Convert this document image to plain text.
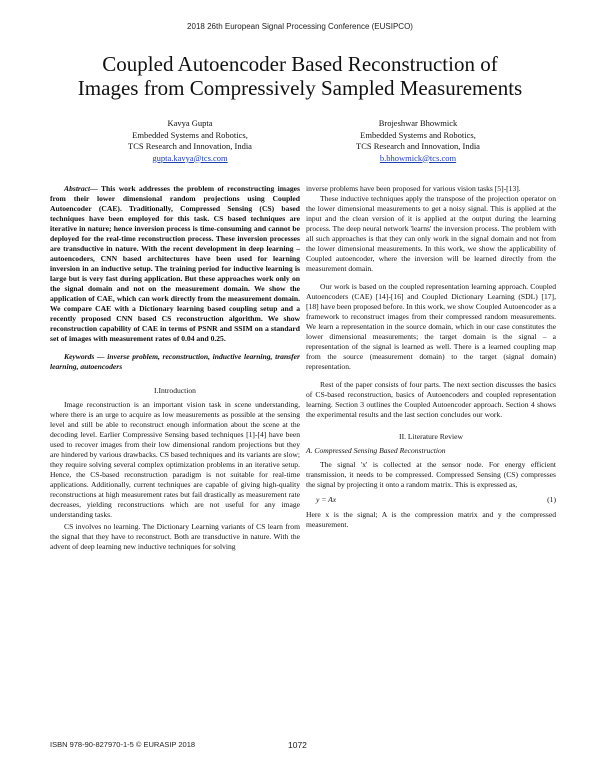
2018 26th European Signal Processing Conference (EUSIPCO)
Coupled Autoencoder Based Reconstruction of
Images from Compressively Sampled Measurements
Kavya Gupta
Embedded Systems and Robotics,
TCS Research and Innovation, India
gupta.kavya@tcs.com
Brojeshwar Bhowmick
Embedded Systems and Robotics,
TCS Research and Innovation, India
b.bhowmick@tcs.com

Abstract— This work addresses the problem of reconstructing images from their lower dimensional random projections using Coupled Autoencoder (CAE). Traditionally, Compressed Sensing (CS) based techniques have been employed for this task. CS based techniques are iterative in nature; hence inversion process is time-consuming and cannot be deployed for the real-time reconstruction process. These inversion processes are transductive in nature. With the recent development in deep learning – autoencoders, CNN based architectures have been used for learning inversion in an inductive setup. The training period for inductive learning is large but is very fast during application. But these approaches work only on the signal domain and not on the measurement domain. We show the application of CAE, which can work directly from the measurement domain. We compare CAE with a Dictionary learning based coupling setup and a recently proposed CNN based CS reconstruction algorithm. We show reconstruction capability of CAE in terms of PSNR and SSIM on a standard set of images with measurement rates of 0.04 and 0.25.

Keywords — inverse problem, reconstruction, inductive learning, transfer learning, autoencoders

I.Introduction

Image reconstruction is an important vision task in scene understanding, where there is an urge to acquire as low measurements as possible at the sensing level and still be able to reconstruct enough information about the scene at the decoding level. Earlier Compressive Sensing based techniques [1]-[4] have been used to recover images from their low dimensional random projections but they are hindered by various drawbacks. CS based techniques and its variants are slow; they require solving several complex optimization problems in an iterative setup. Hence, the CS-based reconstruction paradigm is not suitable for real-time applications. Additionally, current techniques are capable of giving high-quality reconstructions at high measurement rates but fail drastically as measurement rate decreases, yielding reconstructions which are not useful for any image understanding tasks.

CS involves no learning. The Dictionary Learning variants of CS learn from the signal that they have to reconstruct. Both are transductive in nature. With the advent of deep learning new inductive techniques for solving

inverse problems have been proposed for various vision tasks [5]-[13].

These inductive techniques apply the transpose of the projection operator on the lower dimensional measurements to get a noisy signal. This is applied at the input and the clean version of it is applied at the output during the learning process. The deep neural network 'learns' the inversion process. The problem with all such approaches is that they can only work in the signal domain and not from the lower dimensional measurements. In this work, we show the applicability of Coupled autoencoder, where the inversion will be learned directly from the measurement domain.

Our work is based on the coupled representation learning approach. Coupled Autoencoders (CAE) [14]-[16] and Coupled Dictionary Learning (SDL) [17], [18] have been proposed before. In this work, we show Coupled Autoencoder as a framework to reconstruct images from their compressed random measurements. We learn a representation in the source domain, which in our case constitutes the lower dimensional measurements; the target domain is the signal – a representation of the signal is learned as well. There is a learned coupling map from the source (measurement domain) to the target (signal domain) representation.

Rest of the paper consists of four parts. The next section discusses the basics of CS-based reconstruction, basics of Autoencoders and coupled representation learning. Section 3 outlines the Coupled Autoencoder approach. Section 4 shows the experimental results and the last section concludes our work.

II. Literature Review

A. Compressed Sensing Based Reconstruction

The signal 'x' is collected at the sensor node. For energy efficient transmission, it needs to be compressed. Compressed Sensing (CS) compresses the signal by projecting it onto a random matrix. This is expressed as,

y = Ax	(1)

Here x is the signal; A is the compression matrix and y the compressed measurement.

ISBN 978-90-827970-1-5 © EURASIP 2018	1072
